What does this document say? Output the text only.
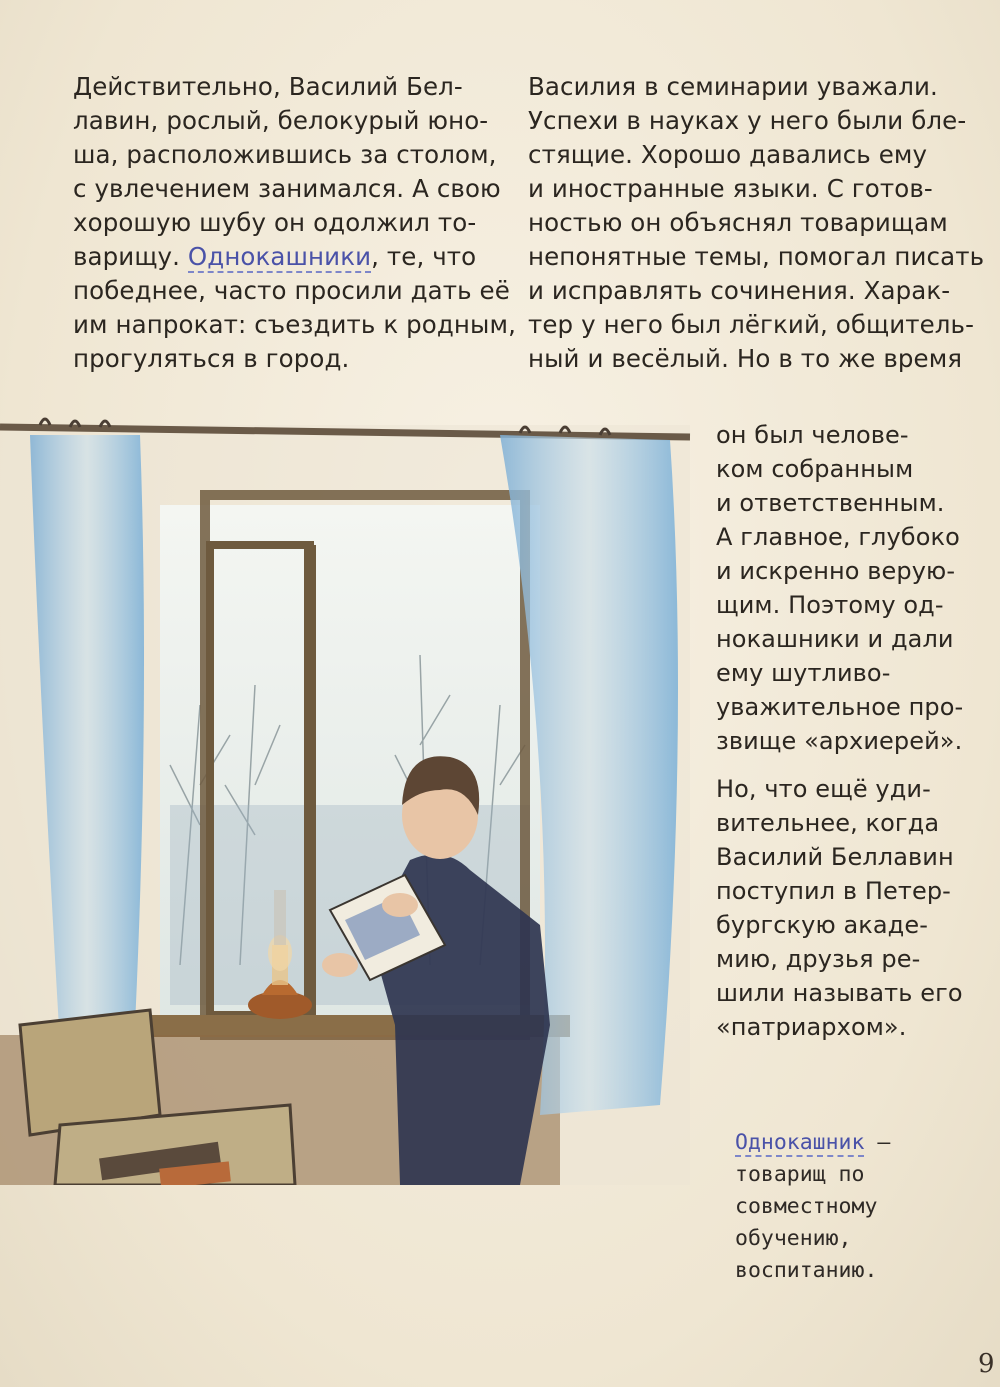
Действительно, Василий Бел-
лавин, рослый, белокурый юно-
ша, расположившись за столом,
с увлечением занимался. А свою
хорошую шубу он одолжил то-
варищу. Однокашники, те, что
победнее, часто просили дать её
им напрокат: съездить к родным,
прогуляться в город.

Василия в семинарии уважали.
Успехи в науках у него были бле-
стящие. Хорошо давались ему
и иностранные языки. С готов-
ностью он объяснял товарищам
непонятные темы, помогал писать
и исправлять сочинения. Харак-
тер у него был лёгкий, общитель-
ный и весёлый. Но в то же время

он был челове-
ком собранным
и ответственным.
А главное, глубоко
и искренно верую-
щим. Поэтому од-
нокашники и дали
ему шутливо-
уважительное про-
звище «архиерей».

Но, что ещё уди-
вительнее, когда
Василий Беллавин
поступил в Петер-
бургскую акаде-
мию, друзья ре-
шили называть его
«патриархом».

Однокашник —
товарищ по
совместному
обучению,
воспитанию.
9
